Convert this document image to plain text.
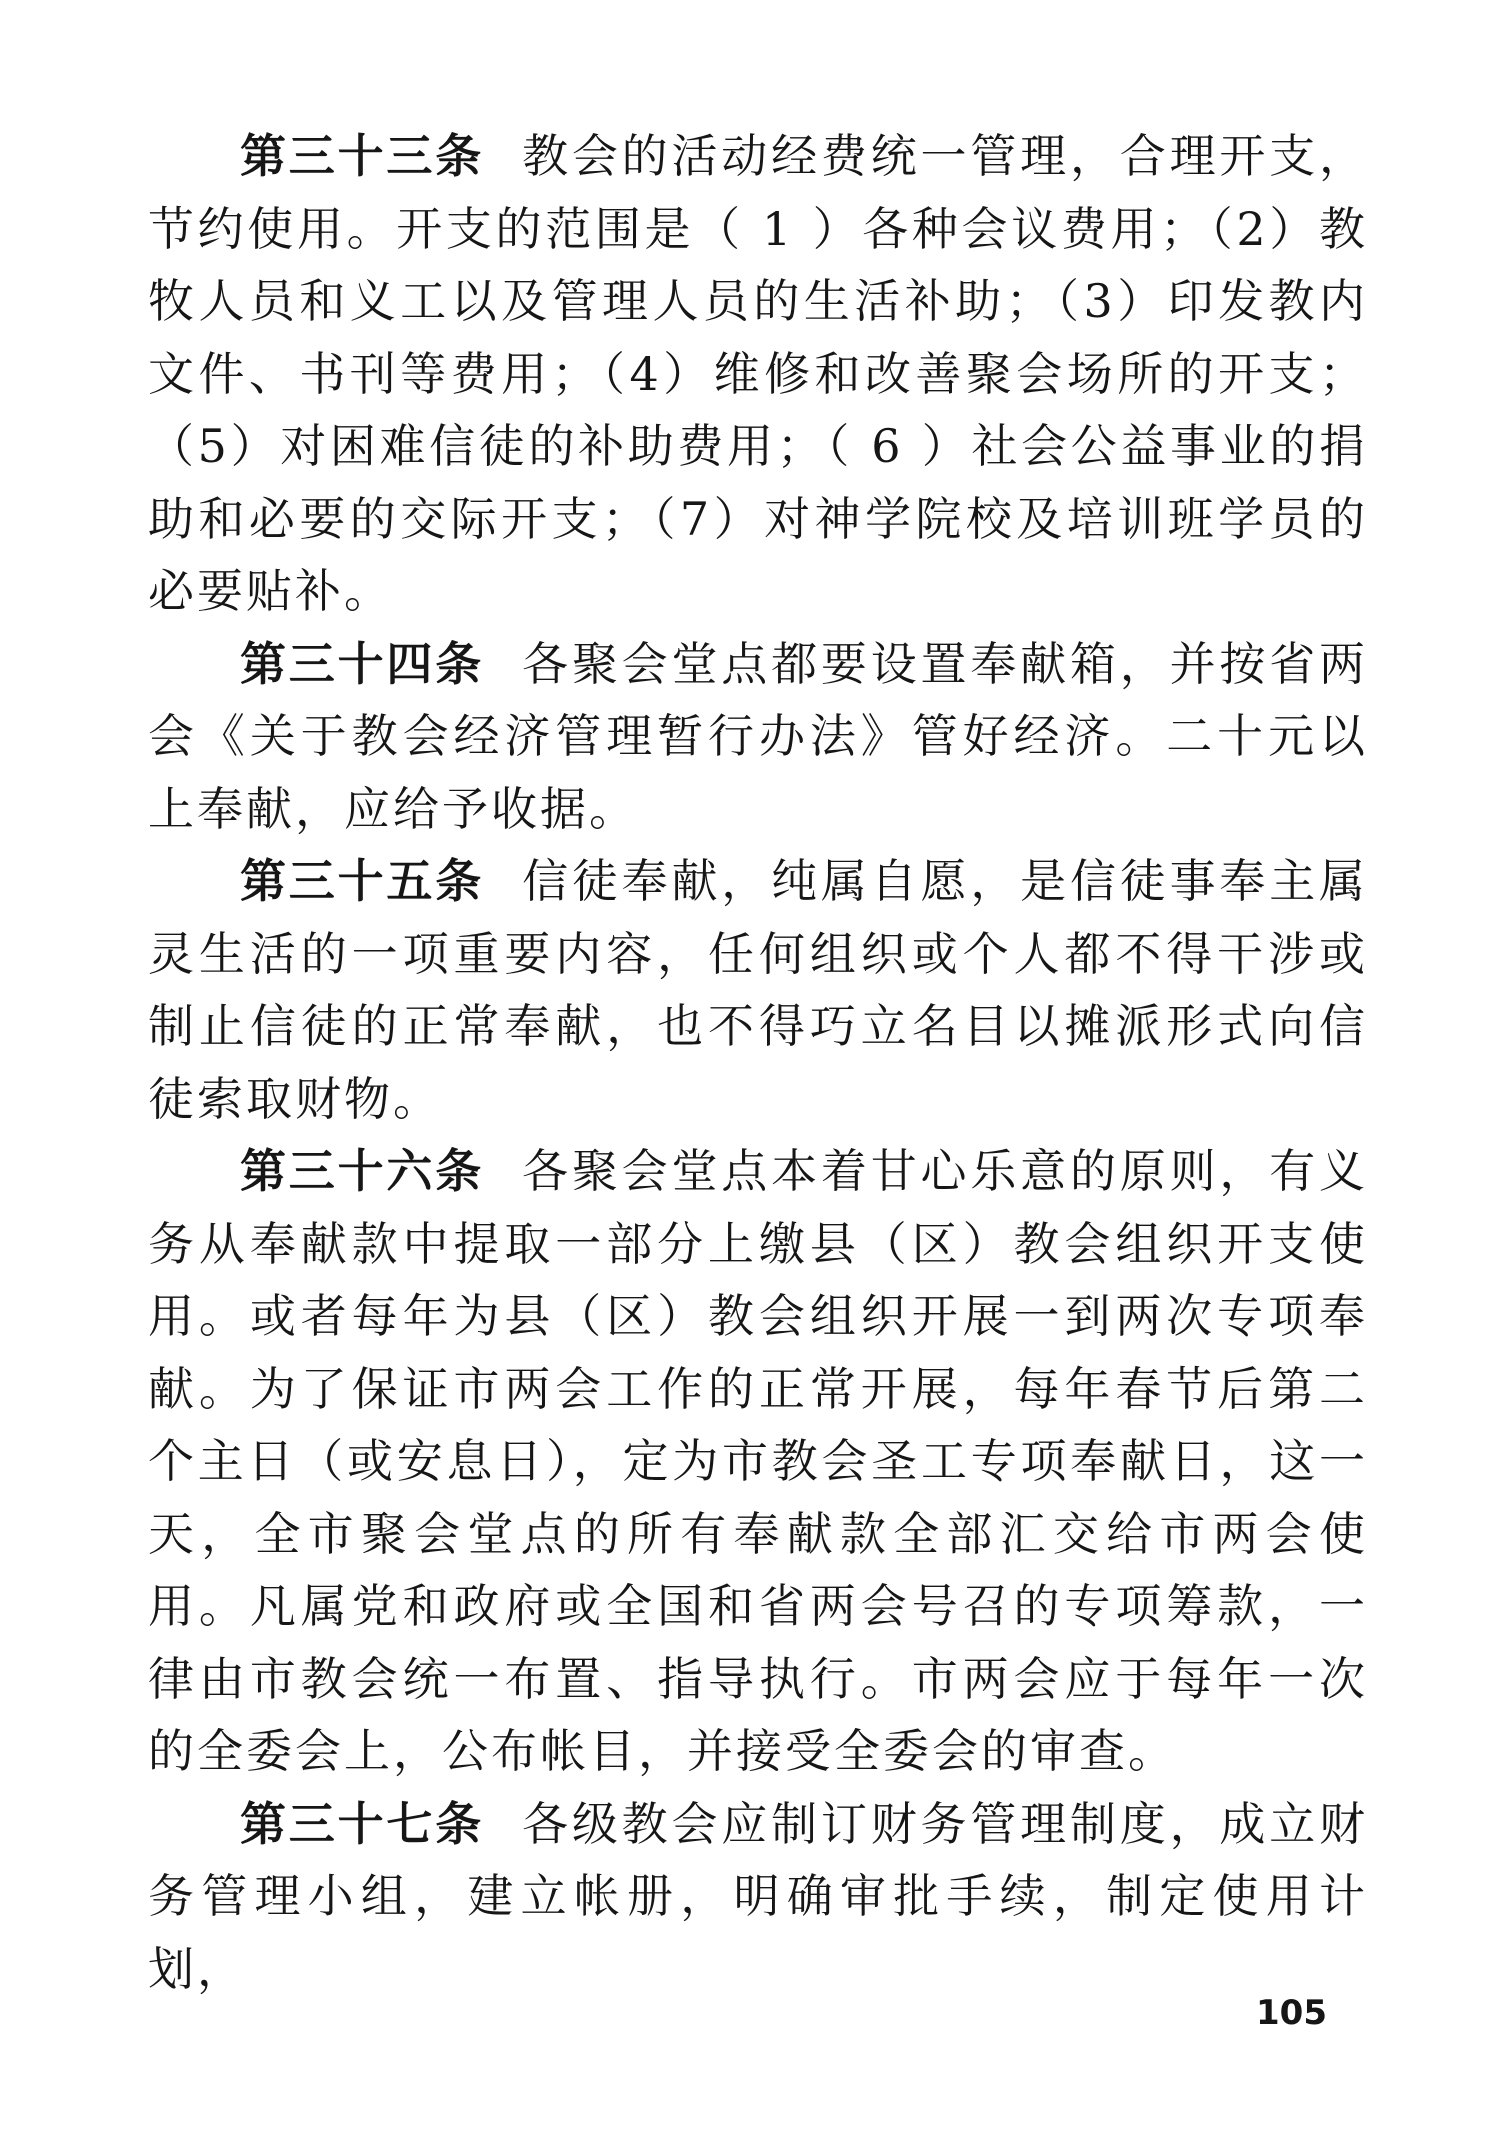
第三十三条 教会的活动经费统一管理，合理开支，节约使用。开支的范围是（ 1 ）各种会议费用；（2）教牧人员和义工以及管理人员的生活补助；（3）印发教内文件、书刊等费用；（4）维修和改善聚会场所的开支；（5）对困难信徒的补助费用；（ 6 ）社会公益事业的捐助和必要的交际开支；（7）对神学院校及培训班学员的必要贴补。

第三十四条 各聚会堂点都要设置奉献箱，并按省两会《关于教会经济管理暂行办法》管好经济。二十元以上奉献，应给予收据。

第三十五条 信徒奉献，纯属自愿，是信徒事奉主属灵生活的一项重要内容，任何组织或个人都不得干涉或制止信徒的正常奉献，也不得巧立名目以摊派形式向信徒索取财物。

第三十六条 各聚会堂点本着甘心乐意的原则，有义务从奉献款中提取一部分上缴县（区）教会组织开支使用。或者每年为县（区）教会组织开展一到两次专项奉献。为了保证市两会工作的正常开展，每年春节后第二个主日（或安息日），定为市教会圣工专项奉献日，这一天，全市聚会堂点的所有奉献款全部汇交给市两会使用。凡属党和政府或全国和省两会号召的专项筹款，一律由市教会统一布置、指导执行。市两会应于每年一次的全委会上，公布帐目，并接受全委会的审查。

第三十七条 各级教会应制订财务管理制度，成立财务管理小组，建立帐册，明确审批手续，制定使用计划，

105
